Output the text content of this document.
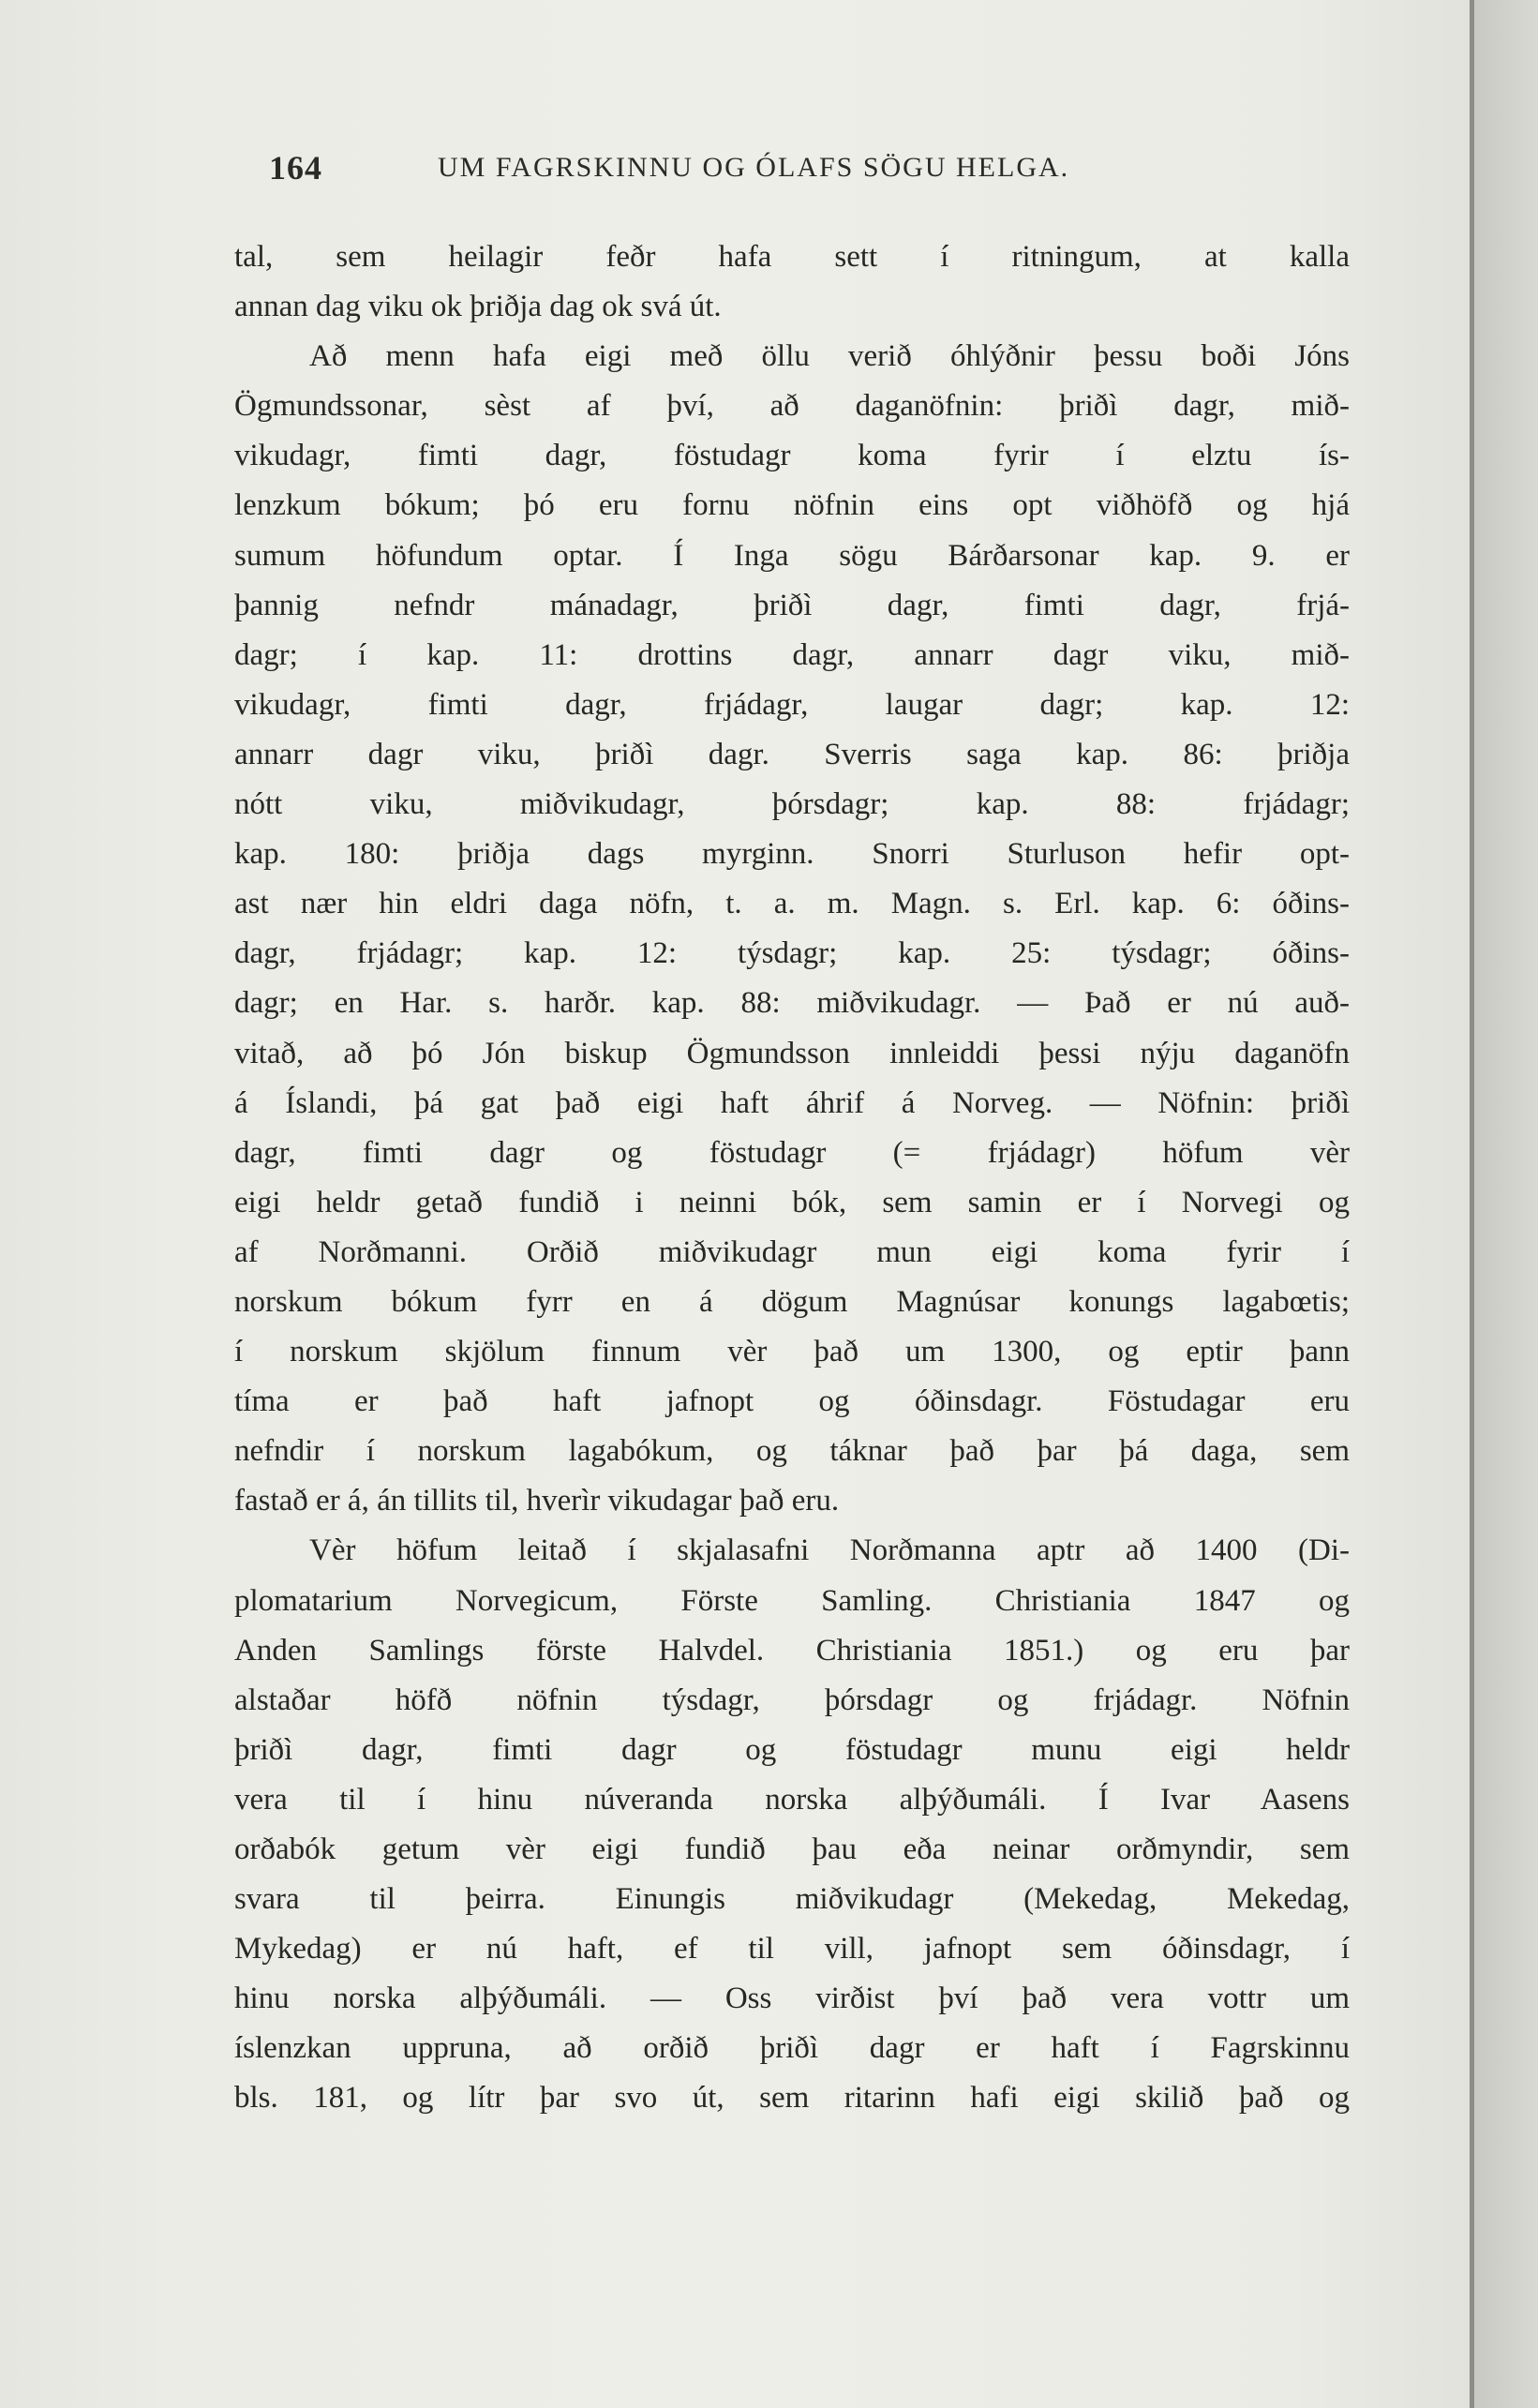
164	UM FAGRSKINNU OG ÓLAFS SÖGU HELGA.
tal, sem heilagir feðr hafa sett í ritningum, at kalla
annan dag viku ok þriðja dag ok svá út.
Að menn hafa eigi með öllu verið óhlýðnir þessu boði Jóns
Ögmundssonar, sèst af því, að daganöfnin: þriðì dagr, mið-
vikudagr, fimti dagr, föstudagr koma fyrir í elztu ís-
lenzkum bókum; þó eru fornu nöfnin eins opt viðhöfð og hjá
sumum höfundum optar. Í Inga sögu Bárðarsonar kap. 9. er
þannig nefndr mánadagr, þriðì dagr, fimti dagr, frjá-
dagr; í kap. 11: drottins dagr, annarr dagr viku, mið-
vikudagr, fimti dagr, frjádagr, laugar dagr; kap. 12:
annarr dagr viku, þriðì dagr. Sverris saga kap. 86: þriðja
nótt viku, miðvikudagr, þórsdagr; kap. 88: frjádagr;
kap. 180: þriðja dags myrginn. Snorri Sturluson hefir opt-
ast nær hin eldri daga nöfn, t. a. m. Magn. s. Erl. kap. 6: óðins-
dagr, frjádagr; kap. 12: týsdagr; kap. 25: týsdagr; óðins-
dagr; en Har. s. harðr. kap. 88: miðvikudagr. — Það er nú auð-
vitað, að þó Jón biskup Ögmundsson innleiddi þessi nýju daganöfn
á Íslandi, þá gat það eigi haft áhrif á Norveg. — Nöfnin: þriðì
dagr, fimti dagr og föstudagr (= frjádagr) höfum vèr
eigi heldr getað fundið i neinni bók, sem samin er í Norvegi og
af Norðmanni. Orðið miðvikudagr mun eigi koma fyrir í
norskum bókum fyrr en á dögum Magnúsar konungs lagabœtis;
í norskum skjölum finnum vèr það um 1300, og eptir þann
tíma er það haft jafnopt og óðinsdagr. Föstudagar eru
nefndir í norskum lagabókum, og táknar það þar þá daga, sem
fastað er á, án tillits til, hverìr vikudagar það eru.
Vèr höfum leitað í skjalasafni Norðmanna aptr að 1400 (Di-
plomatarium Norvegicum, Förste Samling. Christiania 1847 og
Anden Samlings förste Halvdel. Christiania 1851.) og eru þar
alstaðar höfð nöfnin týsdagr, þórsdagr og frjádagr. Nöfnin
þriðì dagr, fimti dagr og föstudagr munu eigi heldr
vera til í hinu núveranda norska alþýðumáli. Í Ivar Aasens
orðabók getum vèr eigi fundið þau eða neinar orðmyndir, sem
svara til þeirra. Einungis miðvikudagr (Mekedag, Mekedag,
Mykedag) er nú haft, ef til vill, jafnopt sem óðinsdagr, í
hinu norska alþýðumáli. — Oss virðist því það vera vottr um
íslenzkan uppruna, að orðið þriðì dagr er haft í Fagrskinnu
bls. 181, og lítr þar svo út, sem ritarinn hafi eigi skilið það og
